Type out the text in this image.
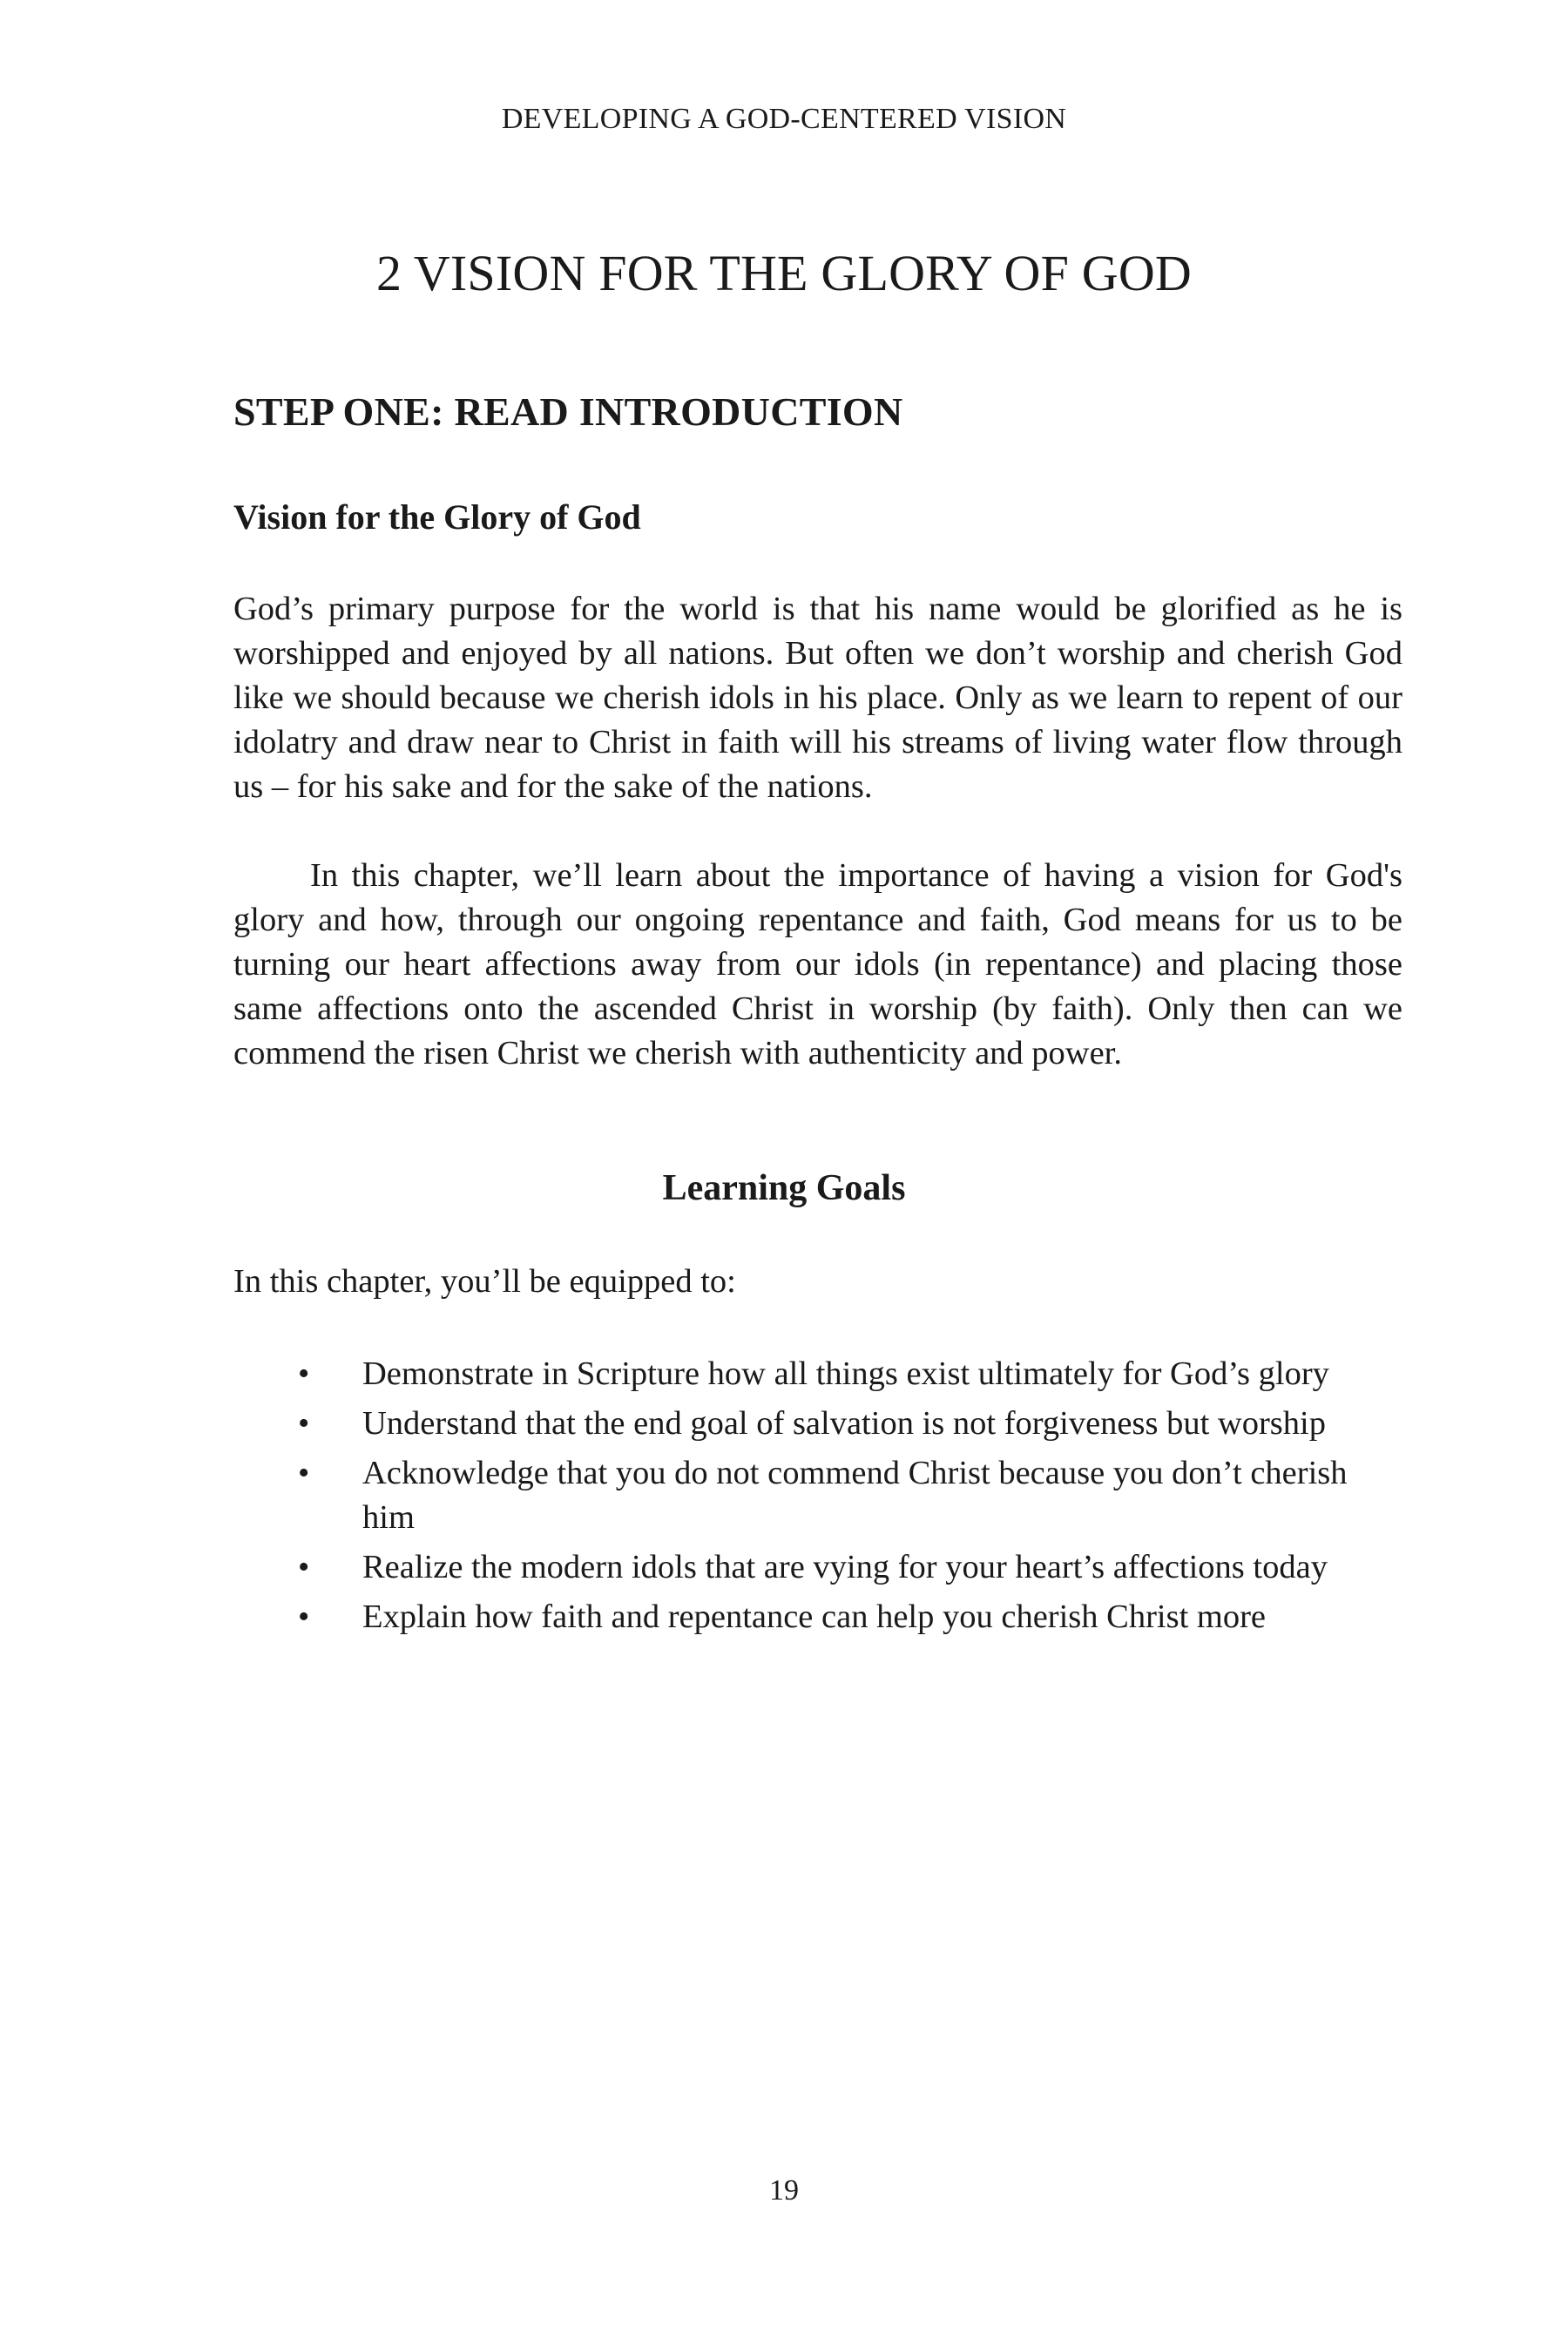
DEVELOPING A GOD-CENTERED VISION
2 VISION FOR THE GLORY OF GOD
STEP ONE: READ INTRODUCTION
Vision for the Glory of God

God’s primary purpose for the world is that his name would be glorified as he is worshipped and enjoyed by all nations. But often we don’t worship and cherish God like we should because we cherish idols in his place. Only as we learn to repent of our idolatry and draw near to Christ in faith will his streams of living water flow through us – for his sake and for the sake of the nations.

In this chapter, we’ll learn about the importance of having a vision for God's glory and how, through our ongoing repentance and faith, God means for us to be turning our heart affections away from our idols (in repentance) and placing those same affections onto the ascended Christ in worship (by faith). Only then can we commend the risen Christ we cherish with authenticity and power.

Learning Goals

In this chapter, you’ll be equipped to:

• Demonstrate in Scripture how all things exist ultimately for God’s glory
• Understand that the end goal of salvation is not forgiveness but worship
• Acknowledge that you do not commend Christ because you don’t cherish him
• Realize the modern idols that are vying for your heart’s affections today
• Explain how faith and repentance can help you cherish Christ more
19
